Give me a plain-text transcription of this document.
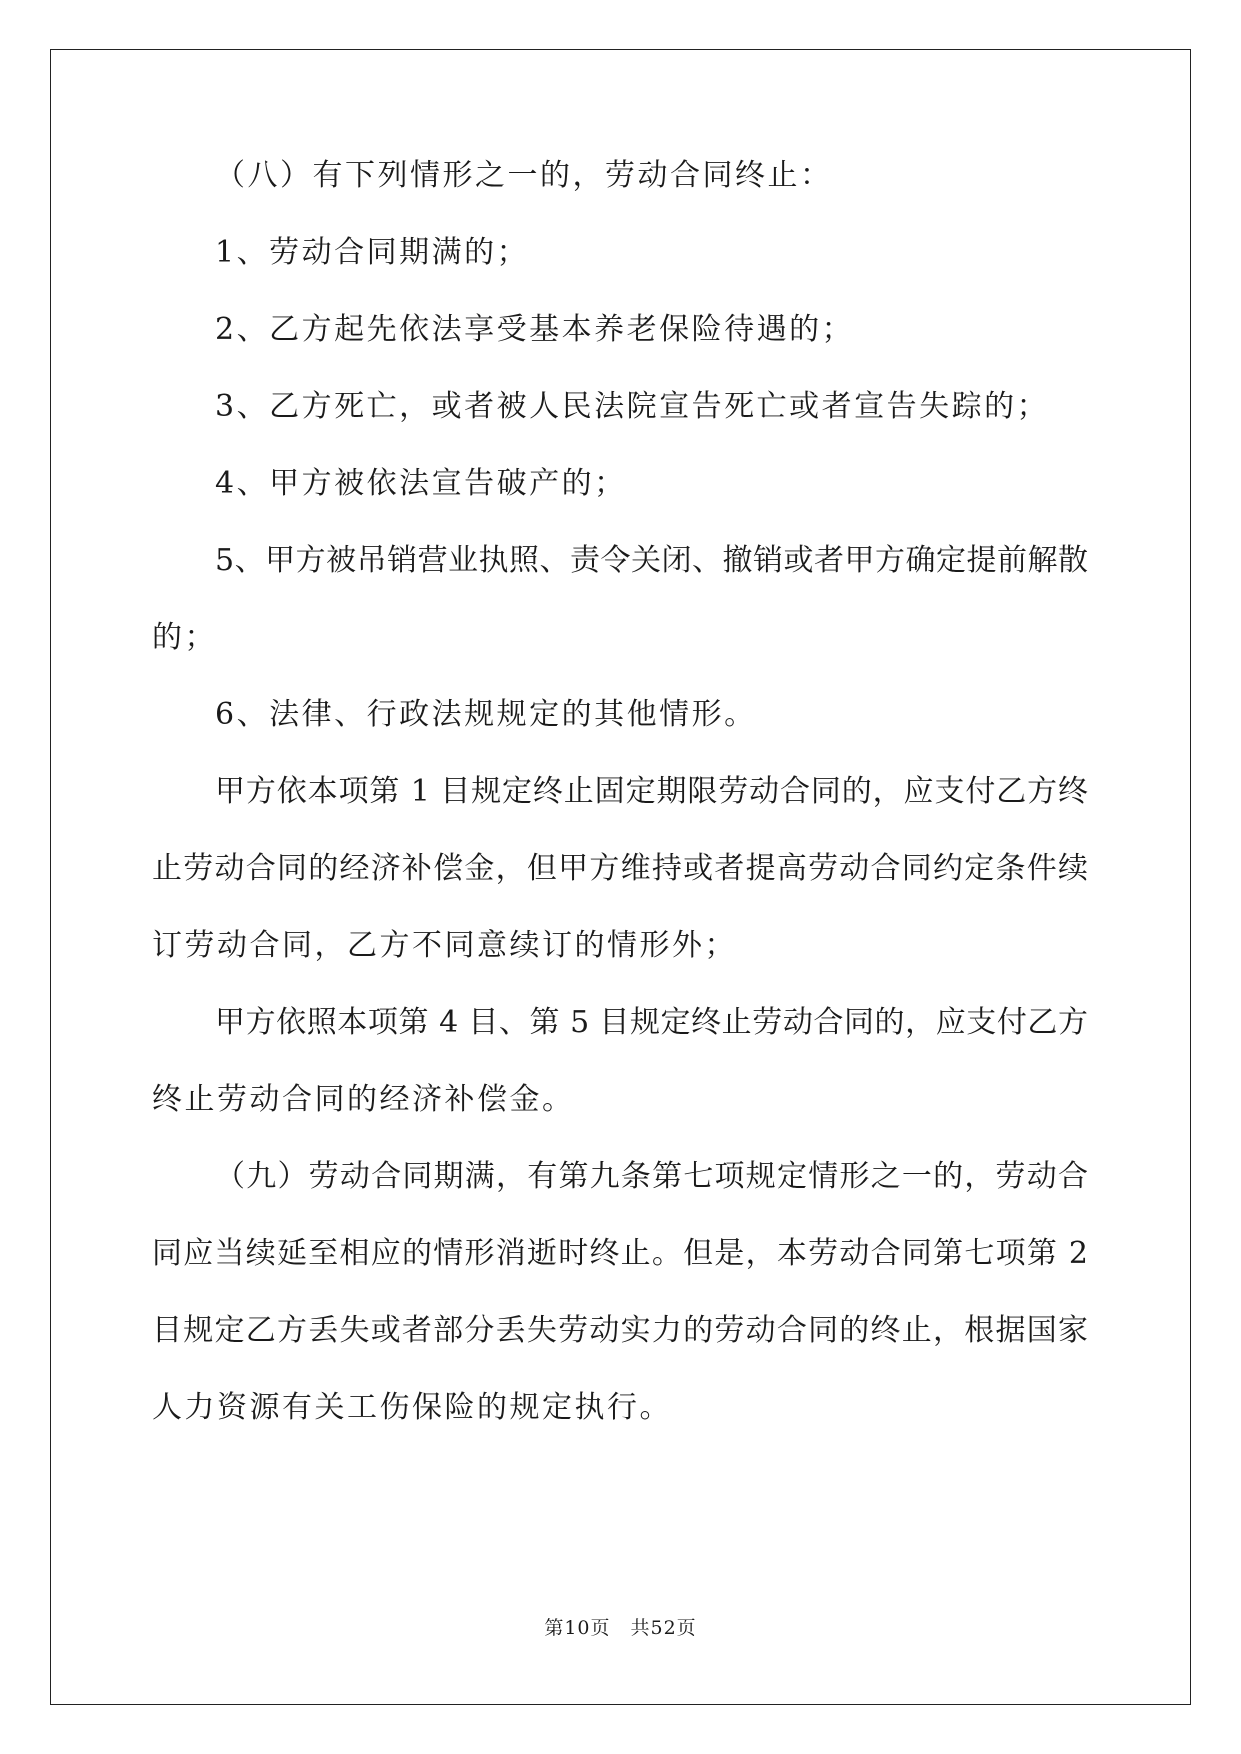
（八）有下列情形之一的，劳动合同终止：
1、劳动合同期满的；
2、乙方起先依法享受基本养老保险待遇的；
3、乙方死亡，或者被人民法院宣告死亡或者宣告失踪的；
4、甲方被依法宣告破产的；
5、甲方被吊销营业执照、责令关闭、撤销或者甲方确定提前解散
的；
6、法律、行政法规规定的其他情形。
甲方依本项第 1 目规定终止固定期限劳动合同的，应支付乙方终
止劳动合同的经济补偿金，但甲方维持或者提高劳动合同约定条件续
订劳动合同，乙方不同意续订的情形外；
甲方依照本项第 4 目、第 5 目规定终止劳动合同的，应支付乙方
终止劳动合同的经济补偿金。
（九）劳动合同期满，有第九条第七项规定情形之一的，劳动合
同应当续延至相应的情形消逝时终止。但是，本劳动合同第七项第 2
目规定乙方丢失或者部分丢失劳动实力的劳动合同的终止，根据国家
人力资源有关工伤保险的规定执行。
第10页　共52页
